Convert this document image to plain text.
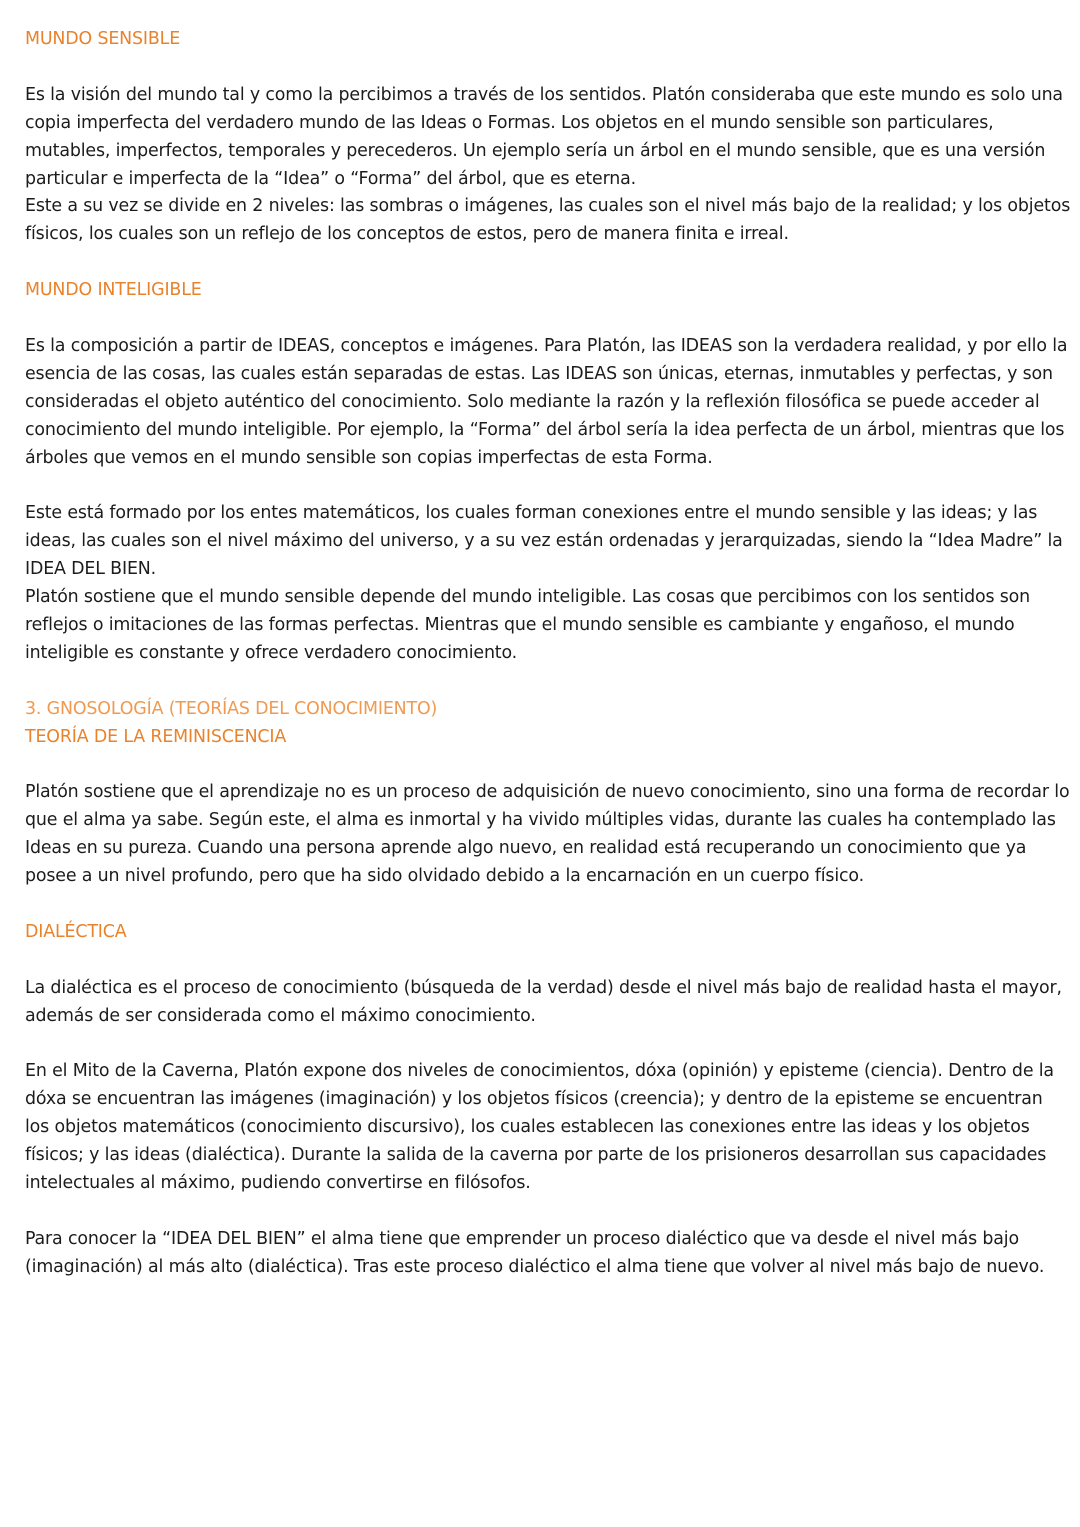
MUNDO SENSIBLE

Es la visión del mundo tal y como la percibimos a través de los sentidos. Platón consideraba que este mundo es solo una copia imperfecta del verdadero mundo de las Ideas o Formas. Los objetos en el mundo sensible son particulares, mutables, imperfectos, temporales y perecederos. Un ejemplo sería un árbol en el mundo sensible, que es una versión particular e imperfecta de la “Idea” o “Forma” del árbol, que es eterna.

Este a su vez se divide en 2 niveles: las sombras o imágenes, las cuales son el nivel más bajo de la realidad; y los objetos físicos, los cuales son un reflejo de los conceptos de estos, pero de manera finita e irreal.

MUNDO INTELIGIBLE

Es la composición a partir de IDEAS, conceptos e imágenes. Para Platón, las IDEAS son la verdadera realidad, y por ello la esencia de las cosas, las cuales están separadas de estas. Las IDEAS son únicas, eternas, inmutables y perfectas, y son consideradas el objeto auténtico del conocimiento. Solo mediante la razón y la reflexión filosófica se puede acceder al conocimiento del mundo inteligible. Por ejemplo, la “Forma” del árbol sería la idea perfecta de un árbol, mientras que los árboles que vemos en el mundo sensible son copias imperfectas de esta Forma.

Este está formado por los entes matemáticos, los cuales forman conexiones entre el mundo sensible y las ideas; y las ideas, las cuales son el nivel máximo del universo, y a su vez están ordenadas y jerarquizadas, siendo la “Idea Madre” la IDEA DEL BIEN.

Platón sostiene que el mundo sensible depende del mundo inteligible. Las cosas que percibimos con los sentidos son reflejos o imitaciones de las formas perfectas. Mientras que el mundo sensible es cambiante y engañoso, el mundo inteligible es constante y ofrece verdadero conocimiento.

3. GNOSOLOGÍA (TEORÍAS DEL CONOCIMIENTO)
TEORÍA DE LA REMINISCENCIA

Platón sostiene que el aprendizaje no es un proceso de adquisición de nuevo conocimiento, sino una forma de recordar lo que el alma ya sabe. Según este, el alma es inmortal y ha vivido múltiples vidas, durante las cuales ha contemplado las Ideas en su pureza. Cuando una persona aprende algo nuevo, en realidad está recuperando un conocimiento que ya posee a un nivel profundo, pero que ha sido olvidado debido a la encarnación en un cuerpo físico.

DIALÉCTICA

La dialéctica es el proceso de conocimiento (búsqueda de la verdad) desde el nivel más bajo de realidad hasta el mayor, además de ser considerada como el máximo conocimiento.

En el Mito de la Caverna, Platón expone dos niveles de conocimientos, dóxa (opinión) y episteme (ciencia). Dentro de la dóxa se encuentran las imágenes (imaginación) y los objetos físicos (creencia); y dentro de la episteme se encuentran los objetos matemáticos (conocimiento discursivo), los cuales establecen las conexiones entre las ideas y los objetos físicos; y las ideas (dialéctica). Durante la salida de la caverna por parte de los prisioneros desarrollan sus capacidades intelectuales al máximo, pudiendo convertirse en filósofos.

Para conocer la “IDEA DEL BIEN” el alma tiene que emprender un proceso dialéctico que va desde el nivel más bajo (imaginación) al más alto (dialéctica). Tras este proceso dialéctico el alma tiene que volver al nivel más bajo de nuevo.
